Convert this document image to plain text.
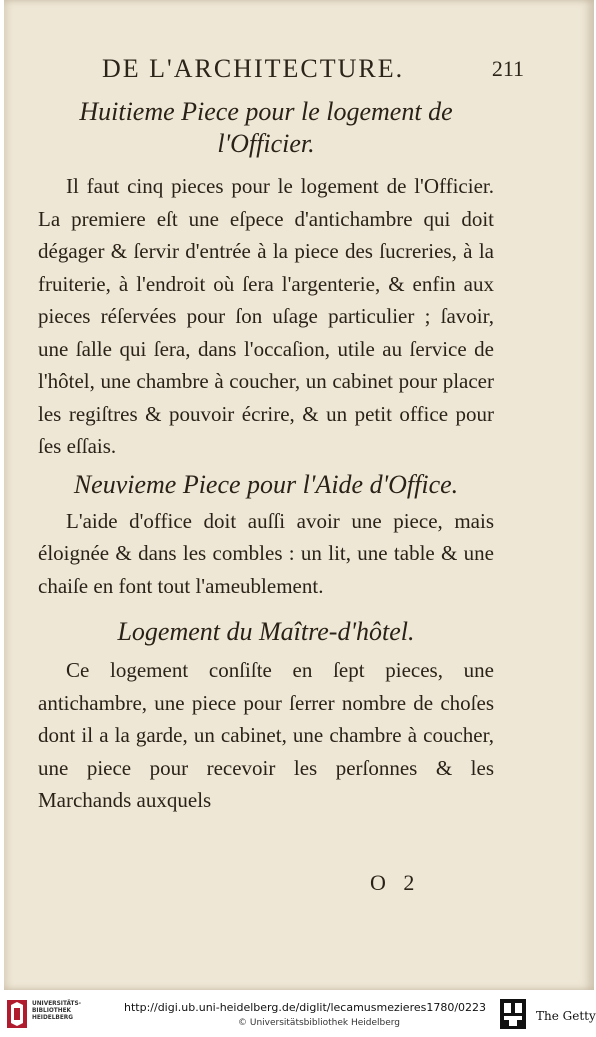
DE L'ARCHITECTURE.	211

Huitieme Piece pour le logement de
l'Officier.

Il faut cinq pieces pour le logement de l'Officier. La premiere eſt une eſpece d'antichambre qui doit dégager & ſervir d'entrée à la piece des ſucreries, à la fruiterie, à l'endroit où ſera l'argenterie, & enfin aux pieces réſervées pour ſon uſage particulier ; ſavoir, une ſalle qui ſera, dans l'occaſion, utile au ſervice de l'hôtel, une chambre à coucher, un cabinet pour placer les regiſtres & pouvoir écrire, & un petit office pour ſes eſſais.

Neuvieme Piece pour l'Aide d'Office.

L'aide d'office doit auſſi avoir une piece, mais éloignée & dans les combles : un lit, une table & une chaiſe en font tout l'ameublement.

Logement du Maître-d'hôtel.

Ce logement conſiſte en ſept pieces, une antichambre, une piece pour ſerrer nombre de choſes dont il a la garde, un cabinet, une chambre à coucher, une piece pour recevoir les perſonnes & les Marchands auxquels

O 2
UNIVERSITÄTS-BIBLIOTHEK HEIDELBERG
http://digi.ub.uni-heidelberg.de/diglit/lecamusmezieres1780/0223
© Universitätsbibliothek Heidelberg	The Getty
